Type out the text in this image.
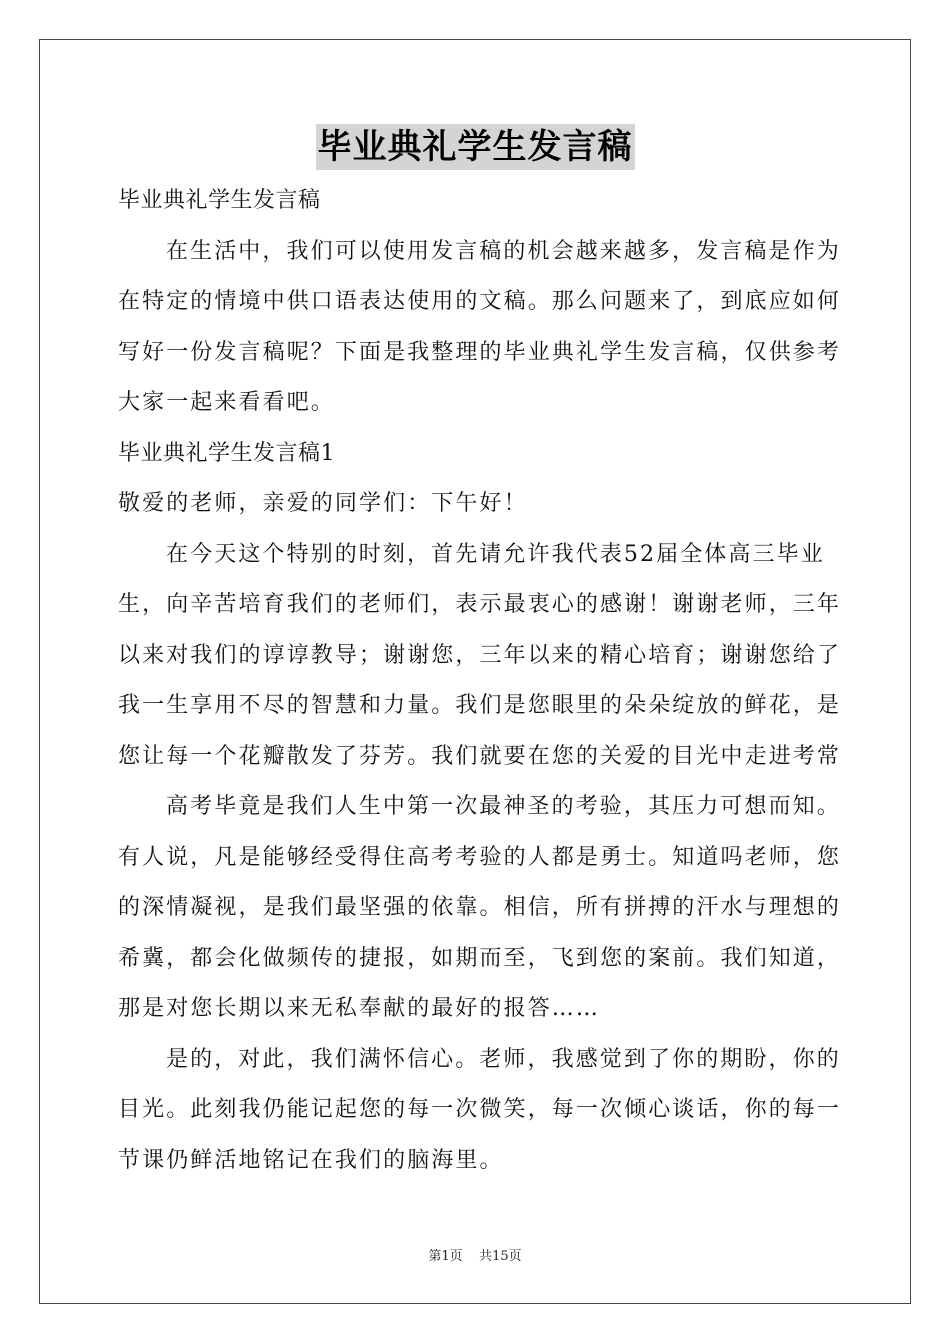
毕业典礼学生发言稿
毕业典礼学生发言稿
在生活中，我们可以使用发言稿的机会越来越多，发言稿是作为
在特定的情境中供口语表达使用的文稿。那么问题来了，到底应如何
写好一份发言稿呢？下面是我整理的毕业典礼学生发言稿，仅供参考
大家一起来看看吧。
毕业典礼学生发言稿1
敬爱的老师，亲爱的同学们：下午好！
在今天这个特别的时刻，首先请允许我代表52届全体高三毕业
生，向辛苦培育我们的老师们，表示最衷心的感谢！谢谢老师，三年
以来对我们的谆谆教导；谢谢您，三年以来的精心培育；谢谢您给了
我一生享用不尽的智慧和力量。我们是您眼里的朵朵绽放的鲜花，是
您让每一个花瓣散发了芬芳。我们就要在您的关爱的目光中走进考常
高考毕竟是我们人生中第一次最神圣的考验，其压力可想而知。
有人说，凡是能够经受得住高考考验的人都是勇士。知道吗老师，您
的深情凝视，是我们最坚强的依靠。相信，所有拼搏的汗水与理想的
希冀，都会化做频传的捷报，如期而至，飞到您的案前。我们知道，
那是对您长期以来无私奉献的最好的报答……
是的，对此，我们满怀信心。老师，我感觉到了你的期盼，你的
目光。此刻我仍能记起您的每一次微笑，每一次倾心谈话，你的每一
节课仍鲜活地铭记在我们的脑海里。
第1页 共15页
